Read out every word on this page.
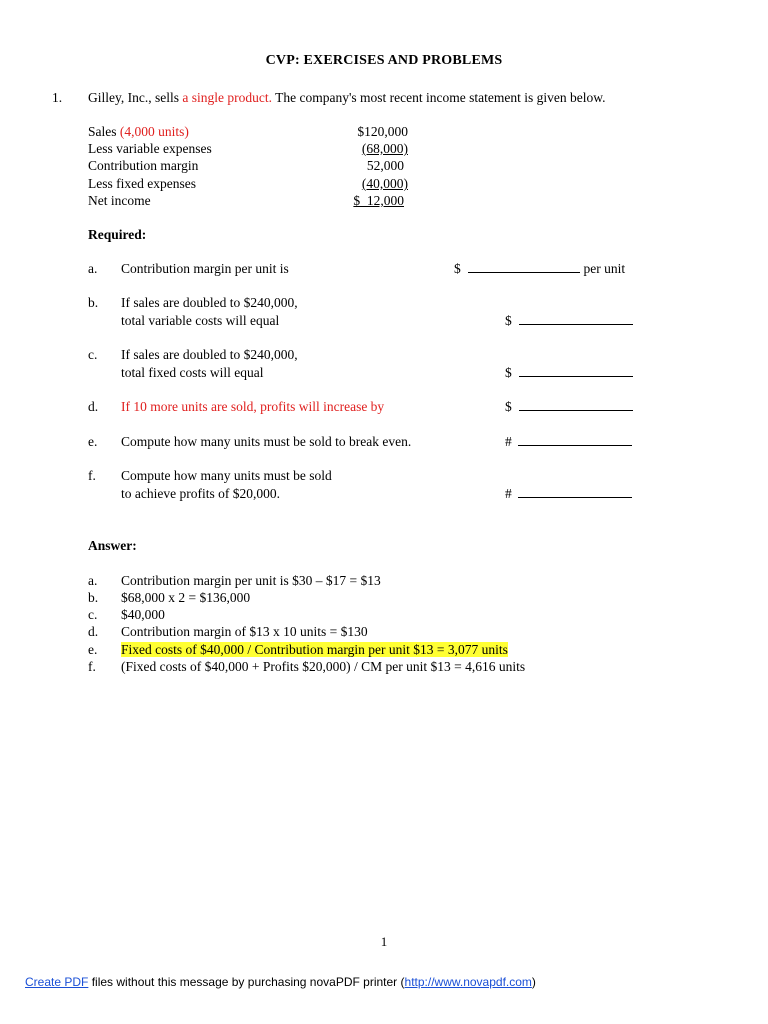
CVP: EXERCISES AND PROBLEMS
1. Gilley, Inc., sells a single product. The company's most recent income statement is given below.
Sales (4,000 units)	$120,000
Less variable expenses	(68,000)
Contribution margin	52,000
Less fixed expenses	(40,000)
Net income	$  12,000
Required:
a. Contribution margin per unit is	$	per unit
b. If sales are doubled to $240,000,
total variable costs will equal	$
c. If sales are doubled to $240,000,
total fixed costs will equal	$
d. If 10 more units are sold, profits will increase by	$
e. Compute how many units must be sold to break even.	#
f. Compute how many units must be sold
to achieve profits of $20,000.	#
Answer:
a. Contribution margin per unit is $30 – $17 = $13
b. $68,000 x 2 = $136,000
c. $40,000
d. Contribution margin of $13 x 10 units = $130
e. Fixed costs of $40,000 / Contribution margin per unit $13 = 3,077 units
f. (Fixed costs of $40,000 + Profits $20,000) / CM per unit $13 = 4,616 units
1
Create PDF files without this message by purchasing novaPDF printer (http://www.novapdf.com)
